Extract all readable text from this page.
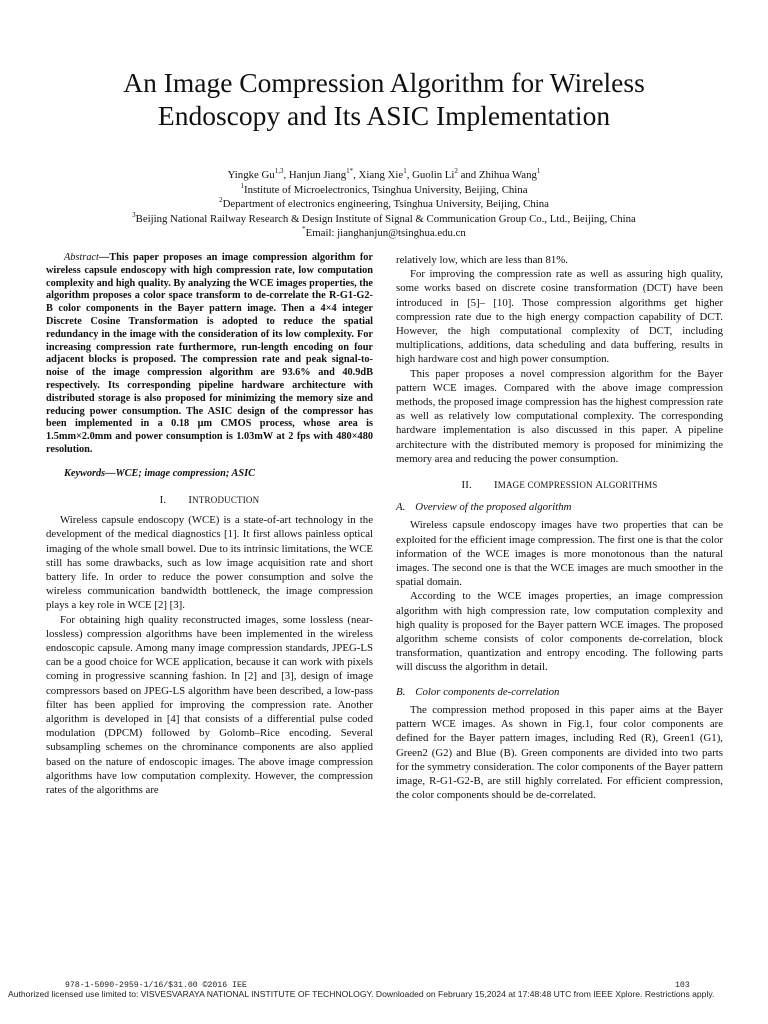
An Image Compression Algorithm for Wireless
Endoscopy and Its ASIC Implementation
Yingke Gu$^{1,3}$, Hanjun Jiang$^{1*}$, Xiang Xie$^1$, Guolin Li$^2$ and Zhihua Wang$^1$
$^1$Institute of Microelectronics, Tsinghua University, Beijing, China
$^2$Department of electronics engineering, Tsinghua University, Beijing, China
$^3$Beijing National Railway Research & Design Institute of Signal & Communication Group Co., Ltd., Beijing, China
*Email: jianghanjun@tsinghua.edu.cn

Abstract—This paper proposes an image compression algorithm for wireless capsule endoscopy with high compression rate, low computation complexity and high quality. By analyzing the WCE images properties, the algorithm proposes a color space transform to de-correlate the R-G1-G2-B color components in the Bayer pattern image. Then a 4×4 integer Discrete Cosine Transformation is adopted to reduce the spatial redundancy in the image with the consideration of its low complexity. For increasing compression rate furthermore, run-length encoding on four adjacent blocks is proposed. The compression rate and peak signal-to-noise of the image compression algorithm are 93.6% and 40.9dB respectively. Its corresponding pipeline hardware architecture with distributed storage is also proposed for minimizing the memory size and reducing power consumption. The ASIC design of the compressor has been implemented in a 0.18 μm CMOS process, whose area is 1.5mm×2.0mm and power consumption is 1.03mW at 2 fps with 480×480 resolution.

Keywords—WCE; image compression; ASIC

I. INTRODUCTION

Wireless capsule endoscopy (WCE) is a state-of-art technology in the development of the medical diagnostics [1]. It first allows painless optical imaging of the whole small bowel. Due to its intrinsic limitations, the WCE still has some drawbacks, such as low image acquisition rate and short battery life. In order to reduce the power consumption and solve the wireless communication bandwidth bottleneck, the image compression plays a key role in WCE [2] [3].

For obtaining high quality reconstructed images, some lossless (near-lossless) compression algorithms have been implemented in the wireless endoscopic capsule. Among many image compression standards, JPEG-LS can be a good choice for WCE application, because it can work with pixels coming in progressive scanning fashion. In [2] and [3], design of image compressors based on JPEG-LS algorithm have been described, a low-pass filter has been applied for improving the compression rate. Another algorithm is developed in [4] that consists of a differential pulse coded modulation (DPCM) followed by Golomb–Rice encoding. Several subsampling schemes on the chrominance components are also applied based on the nature of endoscopic images. The above image compression algorithms have low computation complexity. However, the compression rates of the algorithms are

relatively low, which are less than 81%.

For improving the compression rate as well as assuring high quality, some works based on discrete cosine transformation (DCT) have been introduced in [5]– [10]. Those compression algorithms get higher compression rate due to the high energy compaction capability of DCT. However, the high computational complexity of DCT, including multiplications, additions, data scheduling and data buffering, results in high hardware cost and high power consumption.

This paper proposes a novel compression algorithm for the Bayer pattern WCE images. Compared with the above image compression methods, the proposed image compression has the highest compression rate as well as relatively low computational complexity. The corresponding hardware implementation is also discussed in this paper. A pipeline architecture with the distributed memory is proposed for minimizing the memory area and reducing the power consumption.

II. IMAGE COMPRESSION ALGORITHMS
A. Overview of the proposed algorithm

Wireless capsule endoscopy images have two properties that can be exploited for the efficient image compression. The first one is that the color information of the WCE images is more monotonous than the natural images. The second one is that the WCE images are much smoother in the spatial domain.

According to the WCE images properties, an image compression algorithm with high compression rate, low computation complexity and high quality is proposed for the Bayer pattern WCE images. The proposed algorithm scheme consists of color components de-correlation, block transformation, quantization and entropy encoding. The following parts will discuss the algorithm in detail.

B. Color components de-correlation

The compression method proposed in this paper aims at the Bayer pattern WCE images. As shown in Fig.1, four color components are defined for the Bayer pattern images, including Red (R), Green1 (G1), Green2 (G2) and Blue (B). Green components are divided into two parts for the symmetry consideration. The color components of the Bayer pattern image, R-G1-G2-B, are still highly correlated. For efficient compression, the color components should be de-correlated.

978-1-5090-2959-1/16/$31.00 ©2016 IEE	103
Authorized licensed use limited to: VISVESVARAYA NATIONAL INSTITUTE OF TECHNOLOGY. Downloaded on February 15,2024 at 17:48:48 UTC from IEEE Xplore. Restrictions apply.
